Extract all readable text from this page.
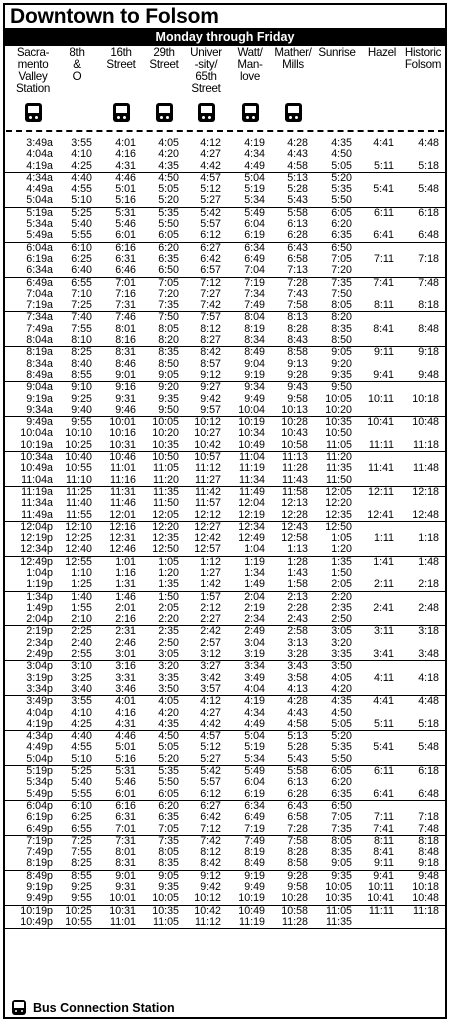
Downtown to Folsom
Monday through Friday
Sacra-
mento
Valley
Station
8th
&
O
16th
Street
29th
Street
Univer
-sity/
65th
Street
Watt/
Man-
love
Mather/
Mills
Sunrise	Hazel Historic
Folsom
3:49a 3:55 4:01 4:05 4:12 4:19 4:28 4:35 4:41 4:48
4:04a 4:10 4:16 4:20 4:27 4:34 4:43 4:50
4:19a 4:25 4:31 4:35 4:42 4:49 4:58 5:05 5:11 5:18
4:34a 4:40 4:46 4:50 4:57 5:04 5:13 5:20
4:49a 4:55 5:01 5:05 5:12 5:19 5:28 5:35 5:41 5:48
5:04a 5:10 5:16 5:20 5:27 5:34 5:43 5:50
5:19a 5:25 5:31 5:35 5:42 5:49 5:58 6:05 6:11 6:18
5:34a 5:40 5:46 5:50 5:57 6:04 6:13 6:20
5:49a 5:55 6:01 6:05 6:12 6:19 6:28 6:35 6:41 6:48
6:04a 6:10 6:16 6:20 6:27 6:34 6:43 6:50
6:19a 6:25 6:31 6:35 6:42 6:49 6:58 7:05 7:11 7:18
6:34a 6:40 6:46 6:50 6:57 7:04 7:13 7:20
6:49a 6:55 7:01 7:05 7:12 7:19 7:28 7:35 7:41 7:48
7:04a 7:10 7:16 7:20 7:27 7:34 7:43 7:50
7:19a 7:25 7:31 7:35 7:42 7:49 7:58 8:05 8:11 8:18
7:34a 7:40 7:46 7:50 7:57 8:04 8:13 8:20
7:49a 7:55 8:01 8:05 8:12 8:19 8:28 8:35 8:41 8:48
8:04a 8:10 8:16 8:20 8:27 8:34 8:43 8:50
8:19a 8:25 8:31 8:35 8:42 8:49 8:58 9:05 9:11 9:18
8:34a 8:40 8:46 8:50 8:57 9:04 9:13 9:20
8:49a 8:55 9:01 9:05 9:12 9:19 9:28 9:35 9:41 9:48
9:04a 9:10 9:16 9:20 9:27 9:34 9:43 9:50
9:19a 9:25 9:31 9:35 9:42 9:49 9:58 10:05 10:11 10:18
9:34a 9:40 9:46 9:50 9:57 10:04 10:13 10:20
9:49a 9:55 10:01 10:05 10:12 10:19 10:28 10:35 10:41 10:48
10:04a 10:10 10:16 10:20 10:27 10:34 10:43 10:50
10:19a 10:25 10:31 10:35 10:42 10:49 10:58 11:05 11:11 11:18
10:34a 10:40 10:46 10:50 10:57 11:04 11:13 11:20
10:49a 10:55 11:01 11:05 11:12 11:19 11:28 11:35 11:41 11:48
11:04a 11:10 11:16 11:20 11:27 11:34 11:43 11:50
11:19a 11:25 11:31 11:35 11:42 11:49 11:58 12:05 12:11 12:18
11:34a 11:40 11:46 11:50 11:57 12:04 12:13 12:20
11:49a 11:55 12:01 12:05 12:12 12:19 12:28 12:35 12:41 12:48
12:04p 12:10 12:16 12:20 12:27 12:34 12:43 12:50
12:19p 12:25 12:31 12:35 12:42 12:49 12:58 1:05 1:11 1:18
12:34p 12:40 12:46 12:50 12:57 1:04 1:13 1:20
12:49p 12:55 1:01 1:05 1:12 1:19 1:28 1:35 1:41 1:48
1:04p 1:10 1:16 1:20 1:27 1:34 1:43 1:50
1:19p 1:25 1:31 1:35 1:42 1:49 1:58 2:05 2:11 2:18
1:34p 1:40 1:46 1:50 1:57 2:04 2:13 2:20
1:49p 1:55 2:01 2:05 2:12 2:19 2:28 2:35 2:41 2:48
2:04p 2:10 2:16 2:20 2:27 2:34 2:43 2:50
2:19p 2:25 2:31 2:35 2:42 2:49 2:58 3:05 3:11 3:18
2:34p 2:40 2:46 2:50 2:57 3:04 3:13 3:20
2:49p 2:55 3:01 3:05 3:12 3:19 3:28 3:35 3:41 3:48
3:04p 3:10 3:16 3:20 3:27 3:34 3:43 3:50
3:19p 3:25 3:31 3:35 3:42 3:49 3:58 4:05 4:11 4:18
3:34p 3:40 3:46 3:50 3:57 4:04 4:13 4:20
3:49p 3:55 4:01 4:05 4:12 4:19 4:28 4:35 4:41 4:48
4:04p 4:10 4:16 4:20 4:27 4:34 4:43 4:50
4:19p 4:25 4:31 4:35 4:42 4:49 4:58 5:05 5:11 5:18
4:34p 4:40 4:46 4:50 4:57 5:04 5:13 5:20
4:49p 4:55 5:01 5:05 5:12 5:19 5:28 5:35 5:41 5:48
5:04p 5:10 5:16 5:20 5:27 5:34 5:43 5:50
5:19p 5:25 5:31 5:35 5:42 5:49 5:58 6:05 6:11 6:18
5:34p 5:40 5:46 5:50 5:57 6:04 6:13 6:20
5:49p 5:55 6:01 6:05 6:12 6:19 6:28 6:35 6:41 6:48
6:04p 6:10 6:16 6:20 6:27 6:34 6:43 6:50
6:19p 6:25 6:31 6:35 6:42 6:49 6:58 7:05 7:11 7:18
6:49p 6:55 7:01 7:05 7:12 7:19 7:28 7:35 7:41 7:48
7:19p 7:25 7:31 7:35 7:42 7:49 7:58 8:05 8:11 8:18
7:49p 7:55 8:01 8:05 8:12 8:19 8:28 8:35 8:41 8:48
8:19p 8:25 8:31 8:35 8:42 8:49 8:58 9:05 9:11 9:18
8:49p 8:55 9:01 9:05 9:12 9:19 9:28 9:35 9:41 9:48
9:19p 9:25 9:31 9:35 9:42 9:49 9:58 10:05 10:11 10:18
9:49p 9:55 10:01 10:05 10:12 10:19 10:28 10:35 10:41 10:48
10:19p 10:25 10:31 10:35 10:42 10:49 10:58 11:05 11:11 11:18
10:49p 10:55 11:01 11:05 11:12 11:19 11:28 11:35
Bus Connection Station
